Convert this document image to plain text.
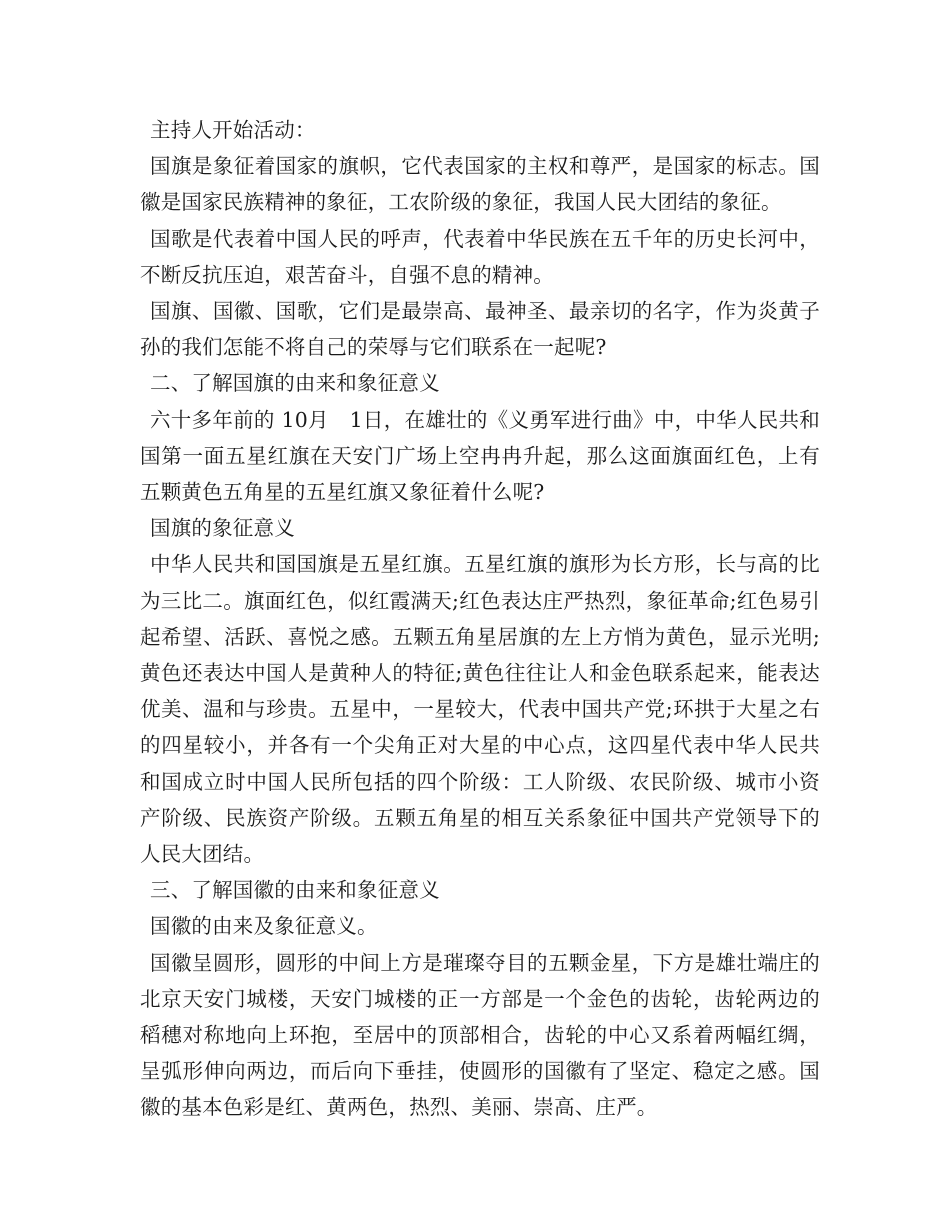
主持人开始活动：

国旗是象征着国家的旗帜，它代表国家的主权和尊严，是国家的标志。国徽是国家民族精神的象征，工农阶级的象征，我国人民大团结的象征。

国歌是代表着中国人民的呼声，代表着中华民族在五千年的历史长河中，不断反抗压迫，艰苦奋斗，自强不息的精神。

国旗、国徽、国歌，它们是最崇高、最神圣、最亲切的名字，作为炎黄子孙的我们怎能不将自己的荣辱与它们联系在一起呢?

二、了解国旗的由来和象征意义

六十多年前的 10月　1日，在雄壮的《义勇军进行曲》中，中华人民共和国第一面五星红旗在天安门广场上空冉冉升起，那么这面旗面红色，上有五颗黄色五角星的五星红旗又象征着什么呢?

国旗的象征意义

中华人民共和国国旗是五星红旗。五星红旗的旗形为长方形，长与高的比为三比二。旗面红色，似红霞满天;红色表达庄严热烈，象征革命;红色易引起希望、活跃、喜悦之感。五颗五角星居旗的左上方悄为黄色，显示光明;黄色还表达中国人是黄种人的特征;黄色往往让人和金色联系起来，能表达优美、温和与珍贵。五星中，一星较大，代表中国共产党;环拱于大星之右的四星较小，并各有一个尖角正对大星的中心点，这四星代表中华人民共和国成立时中国人民所包括的四个阶级：工人阶级、农民阶级、城市小资产阶级、民族资产阶级。五颗五角星的相互关系象征中国共产党领导下的人民大团结。

三、了解国徽的由来和象征意义

国徽的由来及象征意义。

国徽呈圆形，圆形的中间上方是璀璨夺目的五颗金星，下方是雄壮端庄的北京天安门城楼，天安门城楼的正一方部是一个金色的齿轮，齿轮两边的稻穗对称地向上环抱，至居中的顶部相合，齿轮的中心又系着两幅红绸，呈弧形伸向两边，而后向下垂挂，使圆形的国徽有了坚定、稳定之感。国徽的基本色彩是红、黄两色，热烈、美丽、崇高、庄严。
